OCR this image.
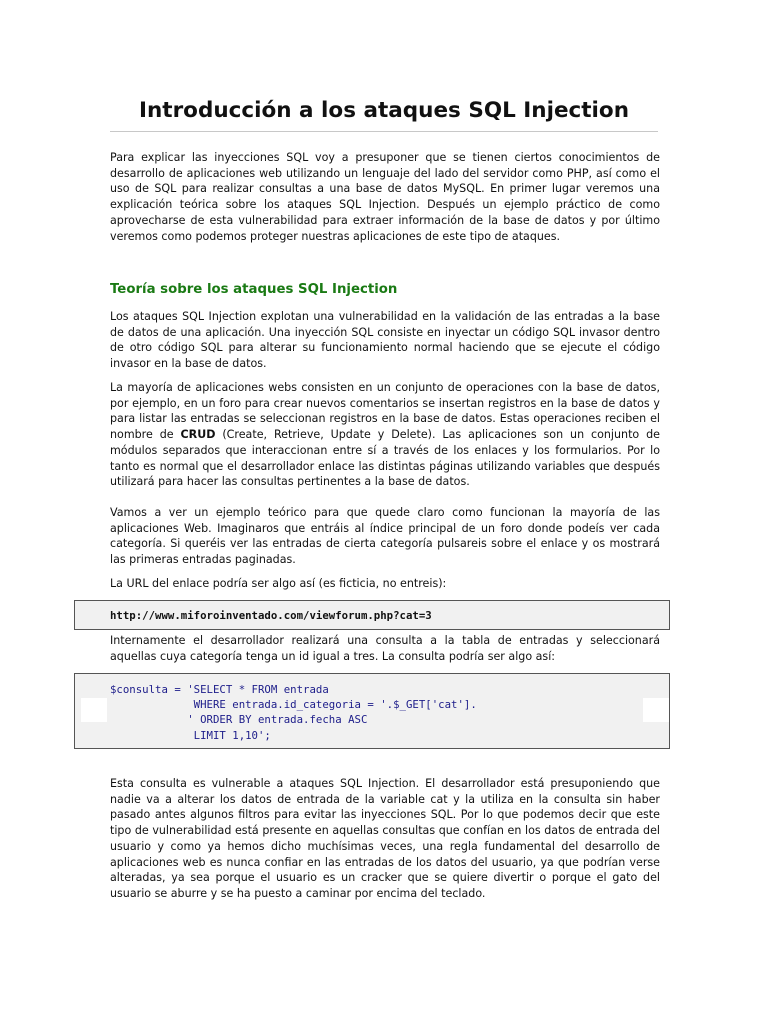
Introducción a los ataques SQL Injection
Para explicar las inyecciones SQL voy a presuponer que se tienen ciertos conocimientos de desarrollo de aplicaciones web utilizando un lenguaje del lado del servidor como PHP, así como el uso de SQL para realizar consultas a una base de datos MySQL. En primer lugar veremos una explicación teórica sobre los ataques SQL Injection. Después un ejemplo práctico de como aprovecharse de esta vulnerabilidad para extraer información de la base de datos y por último veremos como podemos proteger nuestras aplicaciones de este tipo de ataques.
Teoría sobre los ataques SQL Injection
Los ataques SQL Injection explotan una vulnerabilidad en la validación de las entradas a la base de datos de una aplicación. Una inyección SQL consiste en inyectar un código SQL invasor dentro de otro código SQL para alterar su funcionamiento normal haciendo que se ejecute el código invasor en la base de datos.
La mayoría de aplicaciones webs consisten en un conjunto de operaciones con la base de datos, por ejemplo, en un foro para crear nuevos comentarios se insertan registros en la base de datos y para listar las entradas se seleccionan registros en la base de datos. Estas operaciones reciben el nombre de CRUD (Create, Retrieve, Update y Delete). Las aplicaciones son un conjunto de módulos separados que interaccionan entre sí a través de los enlaces y los formularios. Por lo tanto es normal que el desarrollador enlace las distintas páginas utilizando variables que después utilizará para hacer las consultas pertinentes a la base de datos.
Vamos a ver un ejemplo teórico para que quede claro como funcionan la mayoría de las aplicaciones Web. Imaginaros que entráis al índice principal de un foro donde podeís ver cada categoría. Si queréis ver las entradas de cierta categoría pulsareis sobre el enlace y os mostrará las primeras entradas paginadas.
La URL del enlace podría ser algo así (es ficticia, no entreis):
http://www.miforoinventado.com/viewforum.php?cat=3
Internamente el desarrollador realizará una consulta a la tabla de entradas y seleccionará aquellas cuya categoría tenga un id igual a tres. La consulta podría ser algo así:
$consulta = 'SELECT * FROM entrada
WHERE entrada.id_categoria = '.$_GET['cat'].
' ORDER BY entrada.fecha ASC
LIMIT 1,10';
Esta consulta es vulnerable a ataques SQL Injection. El desarrollador está presuponiendo que nadie va a alterar los datos de entrada de la variable cat y la utiliza en la consulta sin haber pasado antes algunos filtros para evitar las inyecciones SQL. Por lo que podemos decir que este tipo de vulnerabilidad está presente en aquellas consultas que confían en los datos de entrada del usuario y como ya hemos dicho muchísimas veces, una regla fundamental del desarrollo de aplicaciones web es nunca confiar en las entradas de los datos del usuario, ya que podrían verse alteradas, ya sea porque el usuario es un cracker que se quiere divertir o porque el gato del usuario se aburre y se ha puesto a caminar por encima del teclado.
